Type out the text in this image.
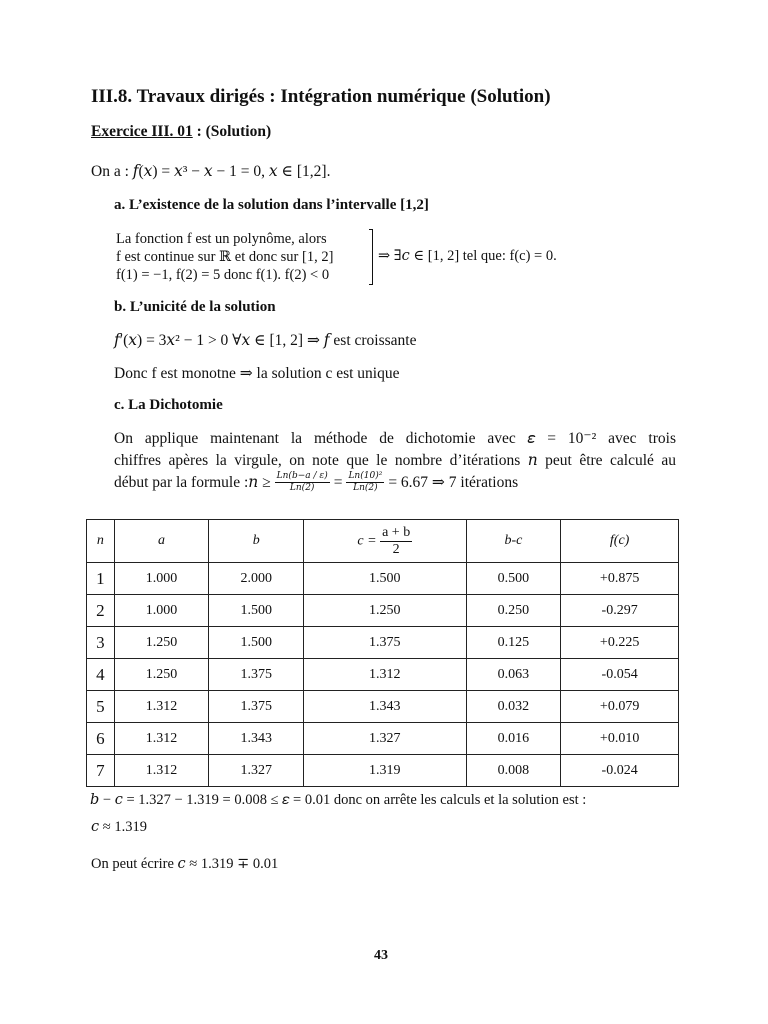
III.8. Travaux dirigés : Intégration numérique (Solution)
Exercice III. 01 : (Solution)
On a : 𝑓(𝑥) = 𝑥³ − 𝑥 − 1 = 0, 𝑥 ∈ [1,2].
a. L’existence de la solution dans l’intervalle [1,2]
La fonction f est un polynôme, alors
f est continue sur ℝ et donc sur [1, 2]
f(1) = −1, f(2) = 5 donc f(1). f(2) < 0
⇒ ∃𝑐 ∈ [1, 2] tel que: f(c) = 0.
b. L’unicité de la solution
𝑓′(𝑥) = 3𝑥² − 1 > 0 ∀𝑥 ∈ [1, 2] ⇒ 𝑓 est croissante
Donc f est monotne ⇒ la solution c est unique
c. La Dichotomie
On applique maintenant la méthode de dichotomie avec 𝜀 = 10⁻² avec trois
chiffres apères la virgule, on note que le nombre d’itérations 𝑛 peut être calculé au
début par la formule :𝑛 ≥ $\frac{\text{𝐿𝑛(𝑏−𝑎 / 𝜀)}}{\text{𝐿𝑛(2)}} = \frac{\text{𝐿𝑛(10)²}}{\text{𝐿𝑛(2)}} = 6.67$ ⇒ 7 itérations
n	a	b	$c = \frac{a + b}{2}$	b-c	f(c)
1	1.000	2.000	1.500	0.500	+0.875
2	1.000	1.500	1.250	0.250	-0.297
3	1.250	1.500	1.375	0.125	+0.225
4	1.250	1.375	1.312	0.063	-0.054
5	1.312	1.375	1.343	0.032	+0.079
6	1.312	1.343	1.327	0.016	+0.010
7	1.312	1.327	1.319	0.008	-0.024
𝑏 − 𝑐 = 1.327 − 1.319 = 0.008 ≤ 𝜀 = 0.01 donc on arrête les calculs et la solution est :
𝑐 ≈ 1.319
On peut écrire 𝑐 ≈ 1.319 ∓ 0.01
43
